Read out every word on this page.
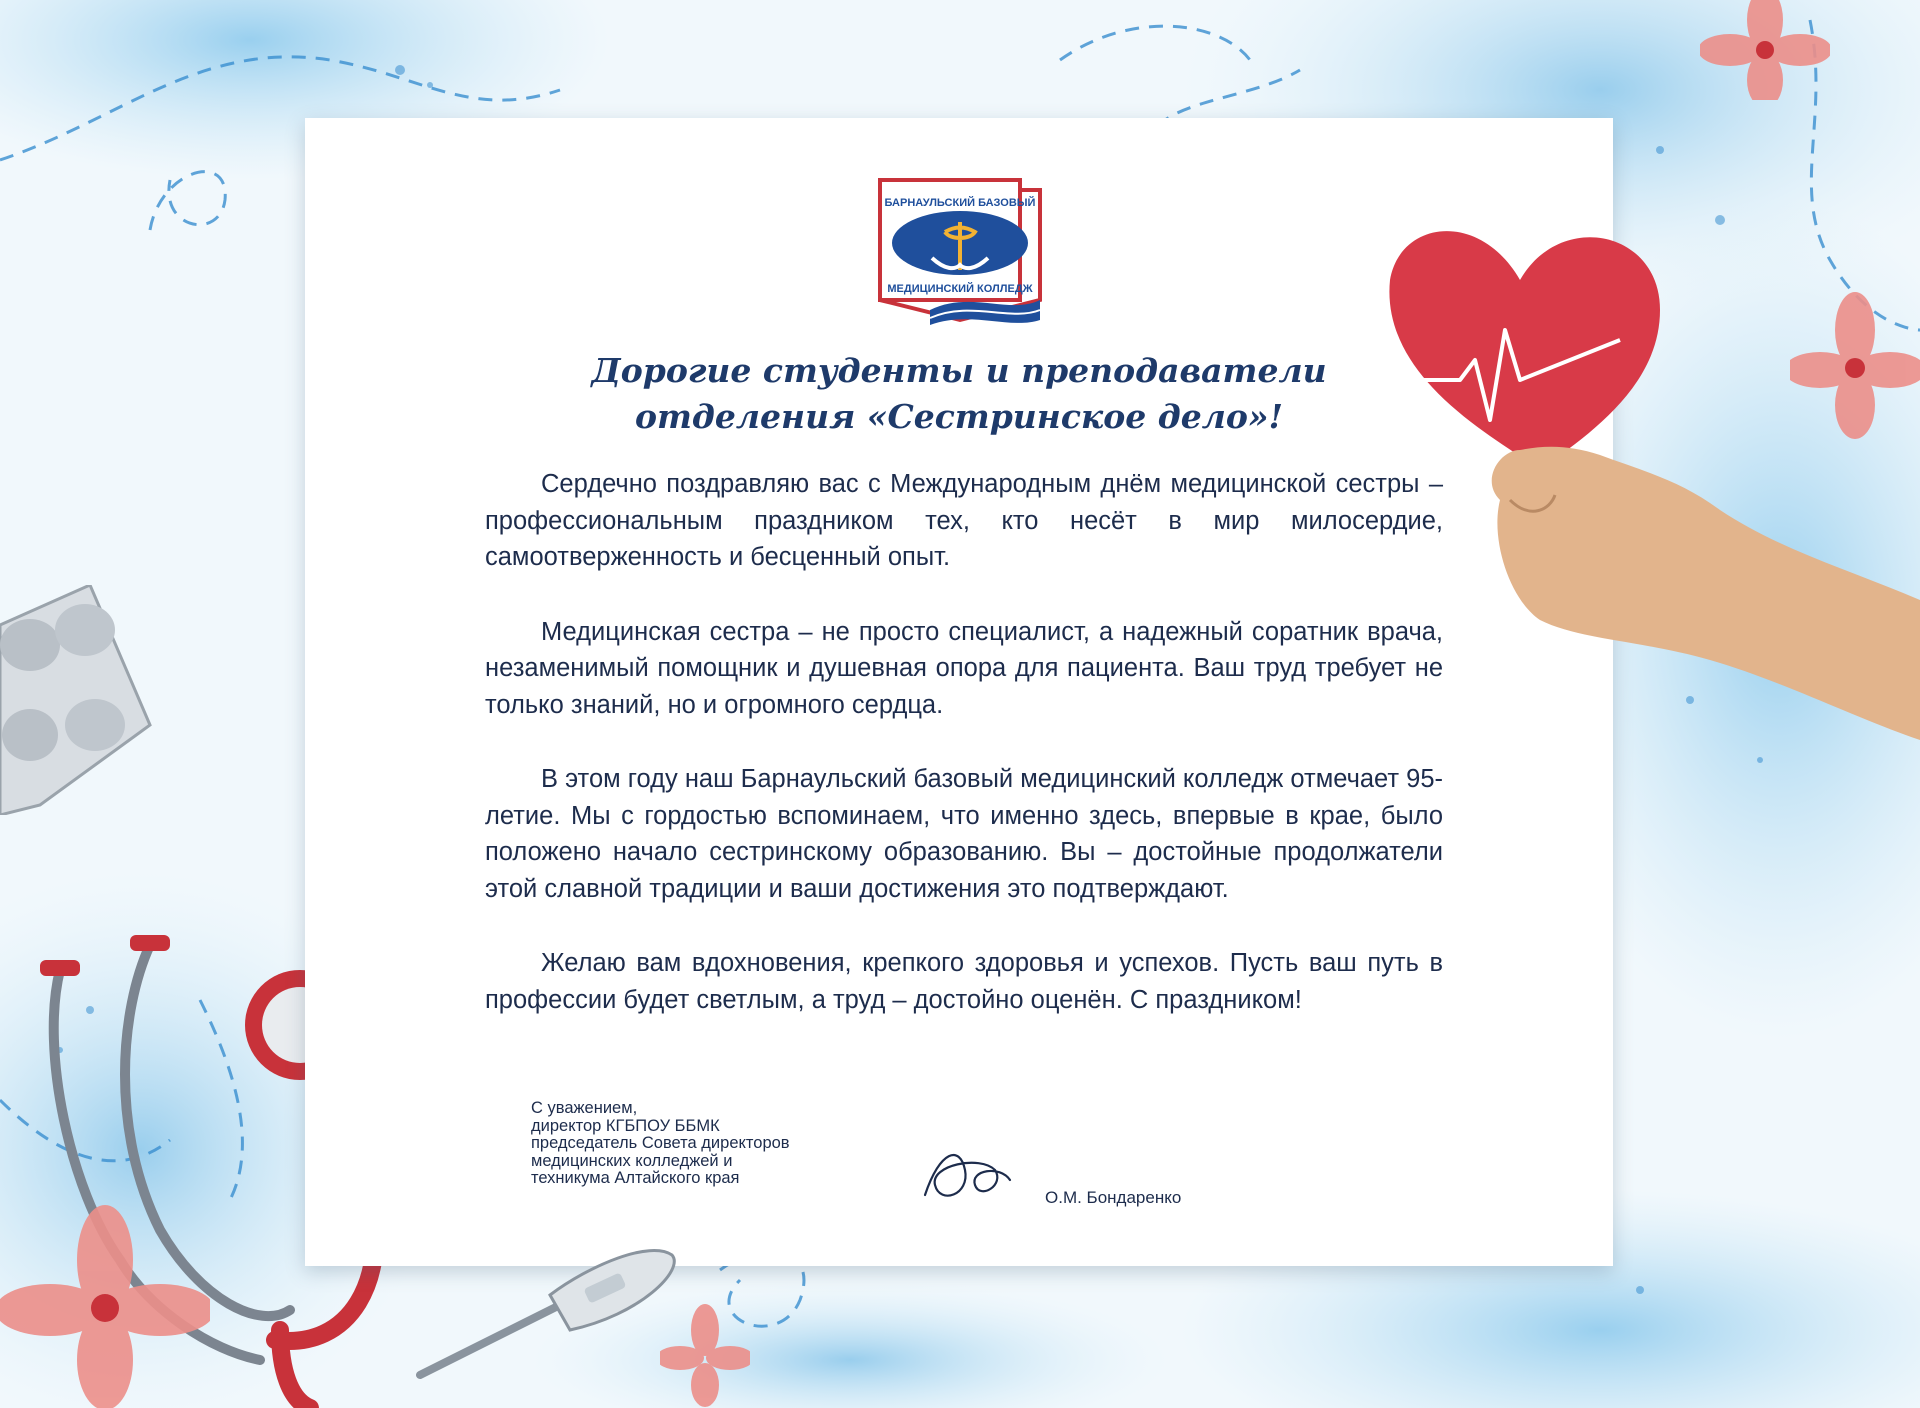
БАРНАУЛЬСКИЙ БАЗОВЫЙ
МЕДИЦИНСКИЙ КОЛЛЕДЖ
Дорогие студенты и преподаватели
отделения «Сестринское дело»!

Сердечно поздравляю вас с Международным днём медицинской сестры – профессиональным праздником тех, кто несёт в мир милосердие, самоотверженность и бесценный опыт.

Медицинская сестра – не просто специалист, а надежный соратник врача, незаменимый помощник и душевная опора для пациента. Ваш труд требует не только знаний, но и огромного сердца.

В этом году наш Барнаульский базовый медицинский колледж отмечает 95-летие. Мы с гордостью вспоминаем, что именно здесь, впервые в крае, было положено начало сестринскому образованию. Вы – достойные продолжатели этой славной традиции и ваши достижения это подтверждают.

Желаю вам вдохновения, крепкого здоровья и успехов. Пусть ваш путь в профессии будет светлым, а труд – достойно оценён. С праздником!

С уважением,
директор КГБПОУ ББМК
председатель Совета директоров
медицинских колледжей и
техникума Алтайского края
О.М. Бондаренко
